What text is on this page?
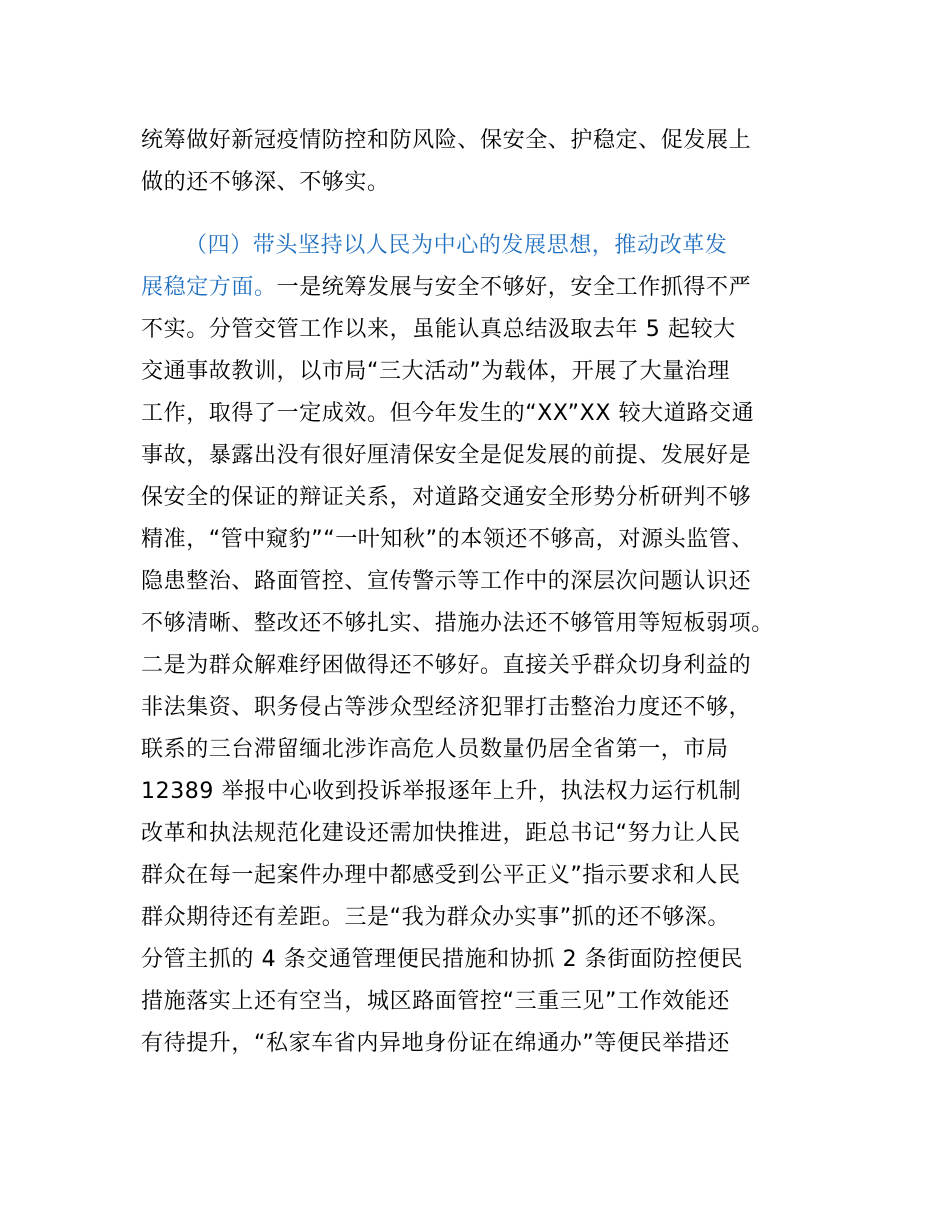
统筹做好新冠疫情防控和防风险、保安全、护稳定、促发展上
做的还不够深、不够实。
（四）带头坚持以人民为中心的发展思想，推动改革发
展稳定方面。一是统筹发展与安全不够好，安全工作抓得不严
不实。分管交管工作以来，虽能认真总结汲取去年 5 起较大
交通事故教训，以市局“三大活动”为载体，开展了大量治理
工作，取得了一定成效。但今年发生的“XX”XX 较大道路交通
事故，暴露出没有很好厘清保安全是促发展的前提、发展好是
保安全的保证的辩证关系，对道路交通安全形势分析研判不够
精准，“管中窥豹”“一叶知秋”的本领还不够高，对源头监管、
隐患整治、路面管控、宣传警示等工作中的深层次问题认识还
不够清晰、整改还不够扎实、措施办法还不够管用等短板弱项。
二是为群众解难纾困做得还不够好。直接关乎群众切身利益的
非法集资、职务侵占等涉众型经济犯罪打击整治力度还不够，
联系的三台滞留缅北涉诈高危人员数量仍居全省第一，市局
12389 举报中心收到投诉举报逐年上升，执法权力运行机制
改革和执法规范化建设还需加快推进，距总书记“努力让人民
群众在每一起案件办理中都感受到公平正义”指示要求和人民
群众期待还有差距。三是“我为群众办实事”抓的还不够深。
分管主抓的 4 条交通管理便民措施和协抓 2 条街面防控便民
措施落实上还有空当，城区路面管控“三重三见”工作效能还
有待提升，“私家车省内异地身份证在绵通办”等便民举措还
